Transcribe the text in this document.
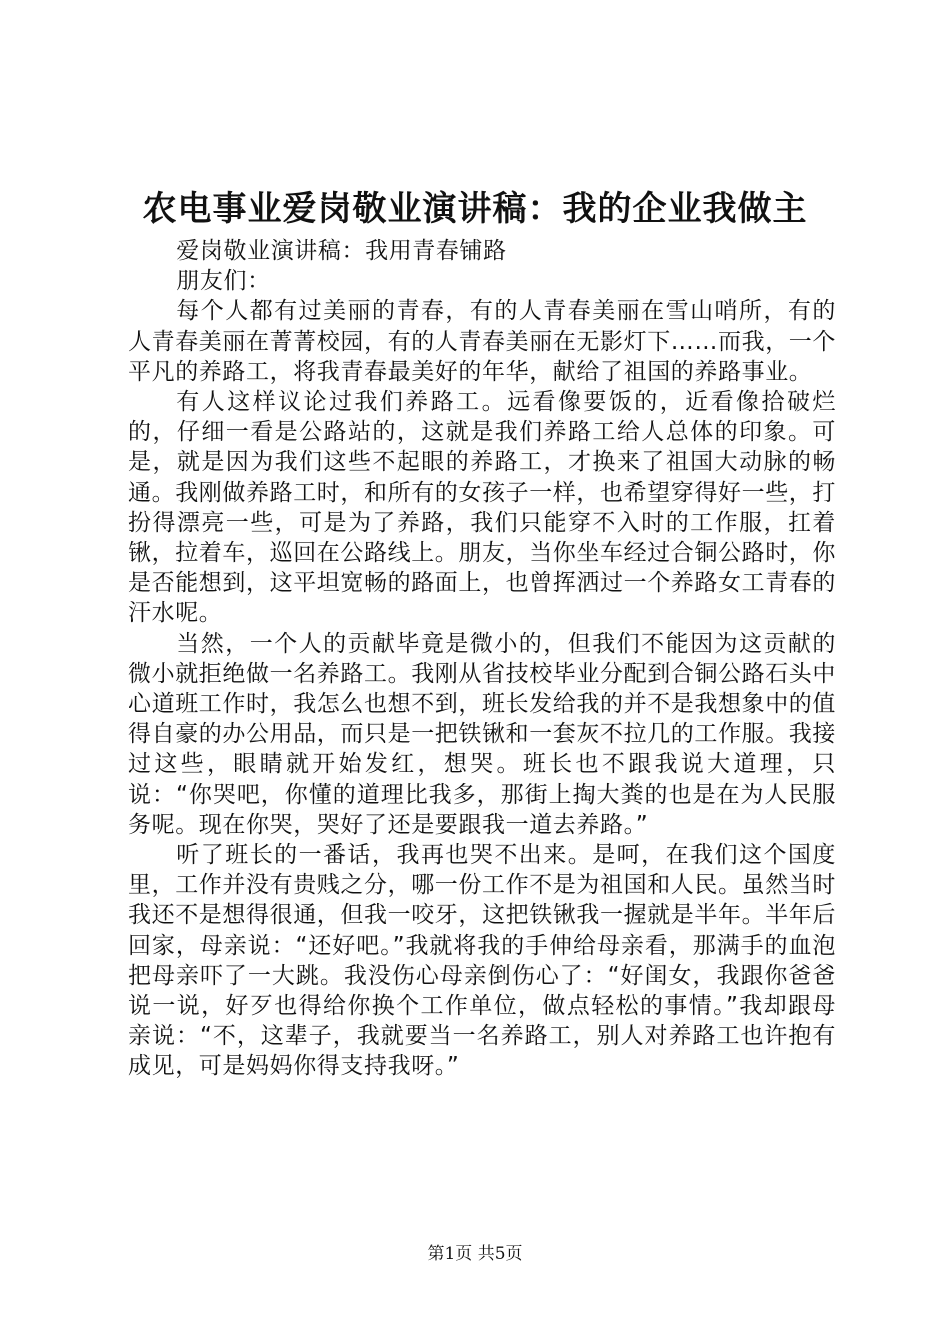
农电事业爱岗敬业演讲稿：我的企业我做主

爱岗敬业演讲稿：我用青春铺路

朋友们：

每个人都有过美丽的青春，有的人青春美丽在雪山哨所，有的人青春美丽在菁菁校园，有的人青春美丽在无影灯下……而我，一个平凡的养路工，将我青春最美好的年华，献给了祖国的养路事业。

有人这样议论过我们养路工。远看像要饭的，近看像拾破烂的，仔细一看是公路站的，这就是我们养路工给人总体的印象。可是，就是因为我们这些不起眼的养路工，才换来了祖国大动脉的畅通。我刚做养路工时，和所有的女孩子一样，也希望穿得好一些，打扮得漂亮一些，可是为了养路，我们只能穿不入时的工作服，扛着锹，拉着车，巡回在公路线上。朋友，当你坐车经过合铜公路时，你是否能想到，这平坦宽畅的路面上，也曾挥洒过一个养路女工青春的汗水呢。

当然，一个人的贡献毕竟是微小的，但我们不能因为这贡献的微小就拒绝做一名养路工。我刚从省技校毕业分配到合铜公路石头中心道班工作时，我怎么也想不到，班长发给我的并不是我想象中的值得自豪的办公用品，而只是一把铁锹和一套灰不拉几的工作服。我接过这些，眼睛就开始发红，想哭。班长也不跟我说大道理，只说：“你哭吧，你懂的道理比我多，那街上掏大粪的也是在为人民服务呢。现在你哭，哭好了还是要跟我一道去养路。”

听了班长的一番话，我再也哭不出来。是呵，在我们这个国度里，工作并没有贵贱之分，哪一份工作不是为祖国和人民。虽然当时我还不是想得很通，但我一咬牙，这把铁锹我一握就是半年。半年后回家，母亲说：“还好吧。”我就将我的手伸给母亲看，那满手的血泡把母亲吓了一大跳。我没伤心母亲倒伤心了：“好闺女，我跟你爸爸说一说，好歹也得给你换个工作单位，做点轻松的事情。”我却跟母亲说：“不，这辈子，我就要当一名养路工，别人对养路工也许抱有成见，可是妈妈你得支持我呀。”

第1页 共5页
